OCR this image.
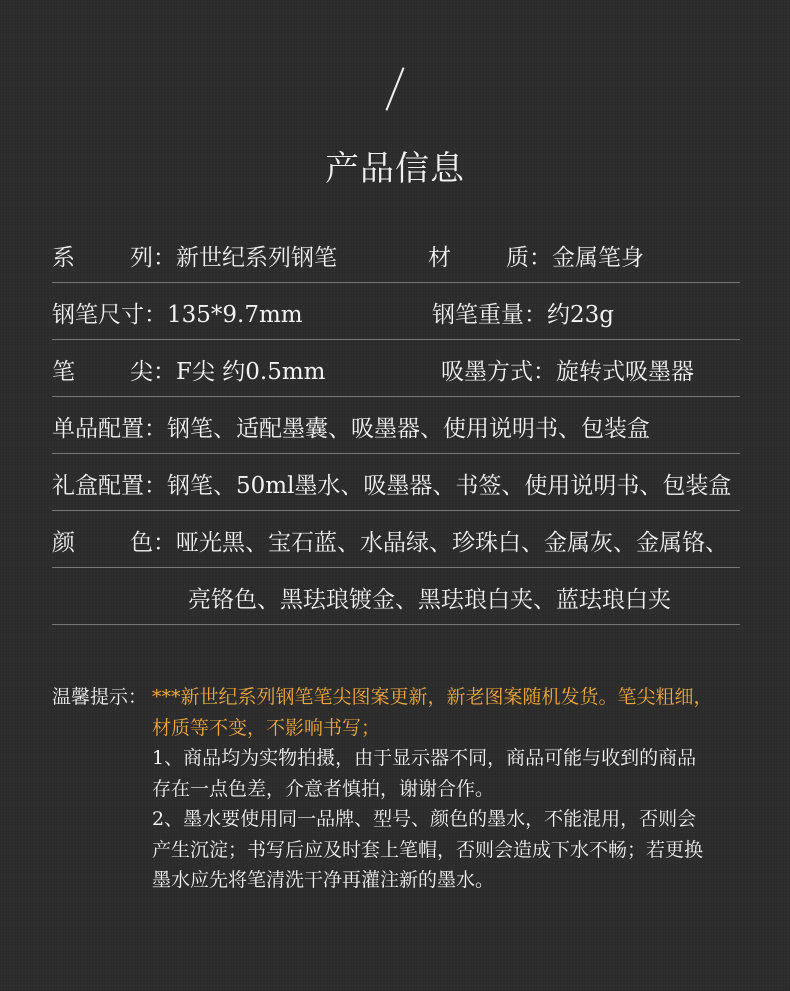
产品信息
系 列：新世纪系列钢笔	材 质：金属笔身
钢笔尺寸：135*9.7mm	钢笔重量：约23g
笔 尖：F尖 约0.5mm	吸墨方式：旋转式吸墨器
单品配置：钢笔、适配墨囊、吸墨器、使用说明书、包装盒
礼盒配置：钢笔、50ml墨水、吸墨器、书签、使用说明书、包装盒
颜 色：哑光黑、宝石蓝、水晶绿、珍珠白、金属灰、金属铬、
亮铬色、黑珐琅镀金、黑珐琅白夹、蓝珐琅白夹
温馨提示： ***新世纪系列钢笔笔尖图案更新，新老图案随机发货。笔尖粗细，
材质等不变，不影响书写；
1、商品均为实物拍摄，由于显示器不同，商品可能与收到的商品
存在一点色差，介意者慎拍，谢谢合作。
2、墨水要使用同一品牌、型号、颜色的墨水，不能混用，否则会
产生沉淀；书写后应及时套上笔帽，否则会造成下水不畅；若更换
墨水应先将笔清洗干净再灌注新的墨水。
